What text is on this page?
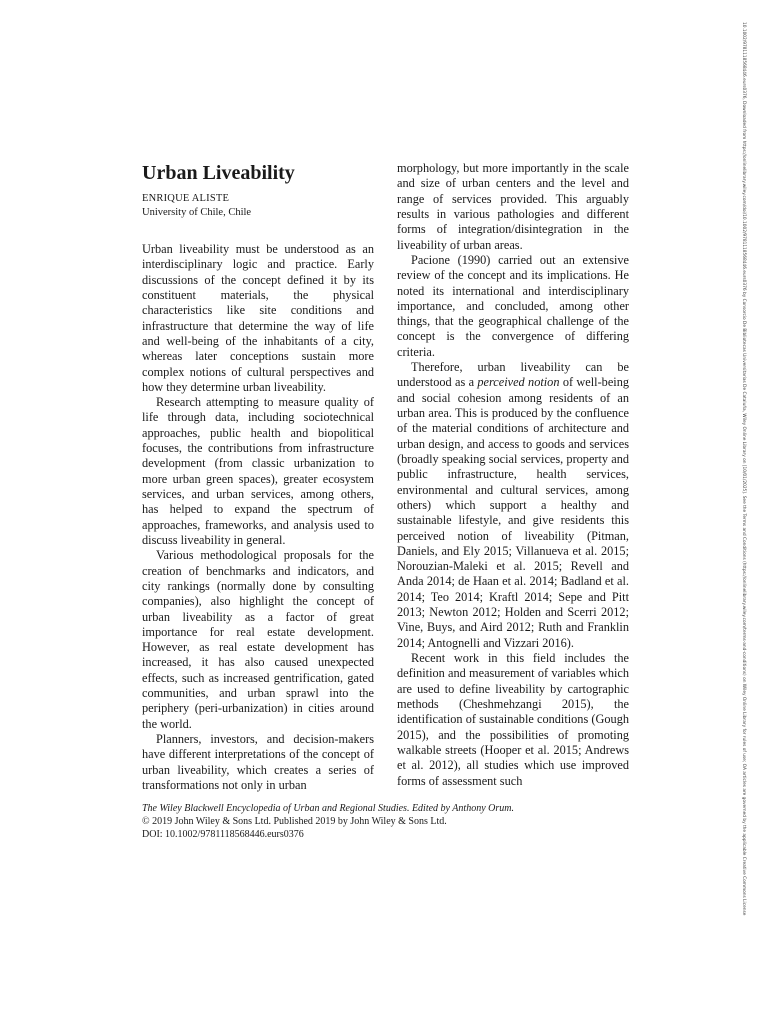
Urban Liveability
ENRIQUE ALISTE
University of Chile, Chile

Urban liveability must be understood as an interdisciplinary logic and practice. Early discussions of the concept defined it by its constituent materials, the physical characteristics like site conditions and infrastructure that determine the way of life and well-being of the inhabitants of a city, whereas later conceptions sustain more complex notions of cultural perspectives and how they determine urban liveability.

Research attempting to measure quality of life through data, including sociotechnical approaches, public health and biopolitical focuses, the contributions from infrastructure development (from classic urbanization to more urban green spaces), greater ecosystem services, and urban services, among others, has helped to expand the spectrum of approaches, frameworks, and analysis used to discuss liveability in general.

Various methodological proposals for the creation of benchmarks and indicators, and city rankings (normally done by consulting companies), also highlight the concept of urban liveability as a factor of great importance for real estate development. However, as real estate development has increased, it has also caused unexpected effects, such as increased gentrification, gated communities, and urban sprawl into the periphery (peri-urbanization) in cities around the world.

Planners, investors, and decision-makers have different interpretations of the concept of urban liveability, which creates a series of transformations not only in urban

morphology, but more importantly in the scale and size of urban centers and the level and range of services provided. This arguably results in various pathologies and different forms of integration/disintegration in the liveability of urban areas.

Pacione (1990) carried out an extensive review of the concept and its implications. He noted its international and interdisciplinary importance, and concluded, among other things, that the geographical challenge of the concept is the convergence of differing criteria.

Therefore, urban liveability can be understood as a perceived notion of well-being and social cohesion among residents of an urban area. This is produced by the confluence of the material conditions of architecture and urban design, and access to goods and services (broadly speaking social services, property and public infrastructure, health services, environmental and cultural services, among others) which support a healthy and sustainable lifestyle, and give residents this perceived notion of liveability (Pitman, Daniels, and Ely 2015; Villanueva et al. 2015; Norouzian-Maleki et al. 2015; Revell and Anda 2014; de Haan et al. 2014; Badland et al. 2014; Teo 2014; Kraftl 2014; Sepe and Pitt 2013; Newton 2012; Holden and Scerri 2012; Vine, Buys, and Aird 2012; Ruth and Franklin 2014; Antognelli and Vizzari 2016).

Recent work in this field includes the definition and measurement of variables which are used to define liveability by cartographic methods (Cheshmehzangi 2015), the identification of sustainable conditions (Gough 2015), and the possibilities of promoting walkable streets (Hooper et al. 2015; Andrews et al. 2012), all studies which use improved forms of assessment such

The Wiley Blackwell Encyclopedia of Urban and Regional Studies. Edited by Anthony Orum.
© 2019 John Wiley & Sons Ltd. Published 2019 by John Wiley & Sons Ltd.
DOI: 10.1002/9781118568446.eurs0376	10.1002/9781118568446.eurs0376, Downloaded from https://onlinelibrary.wiley.com/doi/10.1002/9781118568446.eurs0376 by Consorcio De Bibliotecas Universitarias De Cataluña, Wiley Online Library on [10/01/2025]. See the Terms and Conditions (https://onlinelibrary.wiley.com/terms-and-conditions) on Wiley Online Library for rules of use; OA articles are governed by the applicable Creative Commons License
